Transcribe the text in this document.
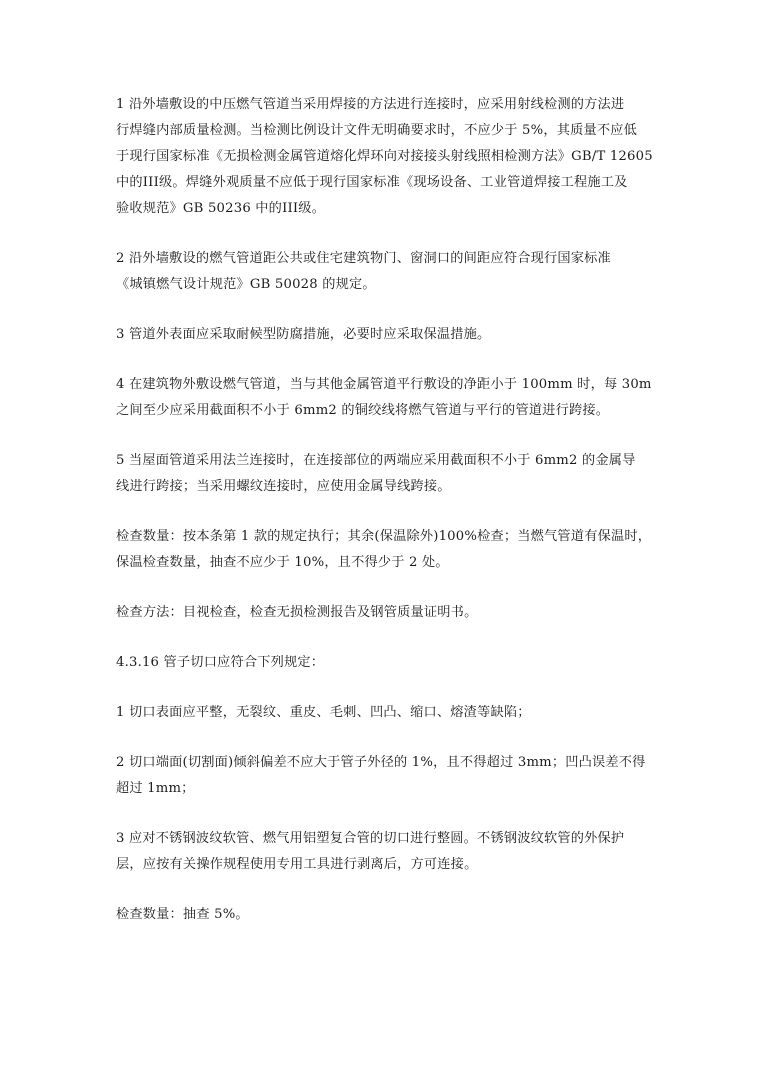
1 沿外墙敷设的中压燃气管道当采用焊接的方法进行连接时，应采用射线检测的方法进
行焊缝内部质量检测。当检测比例设计文件无明确要求时，不应少于 5%，其质量不应低
于现行国家标准《无损检测金属管道熔化焊环向对接接头射线照相检测方法》GB/T 12605
中的III级。焊缝外观质量不应低于现行国家标准《现场设备、工业管道焊接工程施工及
验收规范》GB 50236 中的III级。

2 沿外墙敷设的燃气管道距公共或住宅建筑物门、窗洞口的间距应符合现行国家标准
《城镇燃气设计规范》GB 50028 的规定。

3 管道外表面应采取耐候型防腐措施，必要时应采取保温措施。

4 在建筑物外敷设燃气管道，当与其他金属管道平行敷设的净距小于 100mm 时，每 30m
之间至少应采用截面积不小于 6mm2 的铜绞线将燃气管道与平行的管道进行跨接。

5 当屋面管道采用法兰连接时，在连接部位的两端应采用截面积不小于 6mm2 的金属导
线进行跨接；当采用螺纹连接时，应使用金属导线跨接。

检查数量：按本条第 1 款的规定执行；其余(保温除外)100%检查；当燃气管道有保温时，
保温检查数量，抽查不应少于 10%，且不得少于 2 处。

检查方法：目视检查，检查无损检测报告及钢管质量证明书。

4.3.16 管子切口应符合下列规定：

1 切口表面应平整，无裂纹、重皮、毛刺、凹凸、缩口、熔渣等缺陷；

2 切口端面(切割面)倾斜偏差不应大于管子外径的 1%，且不得超过 3mm；凹凸误差不得
超过 1mm；

3 应对不锈钢波纹软管、燃气用铝塑复合管的切口进行整圆。不锈钢波纹软管的外保护
层，应按有关操作规程使用专用工具进行剥离后，方可连接。

检查数量：抽查 5%。
